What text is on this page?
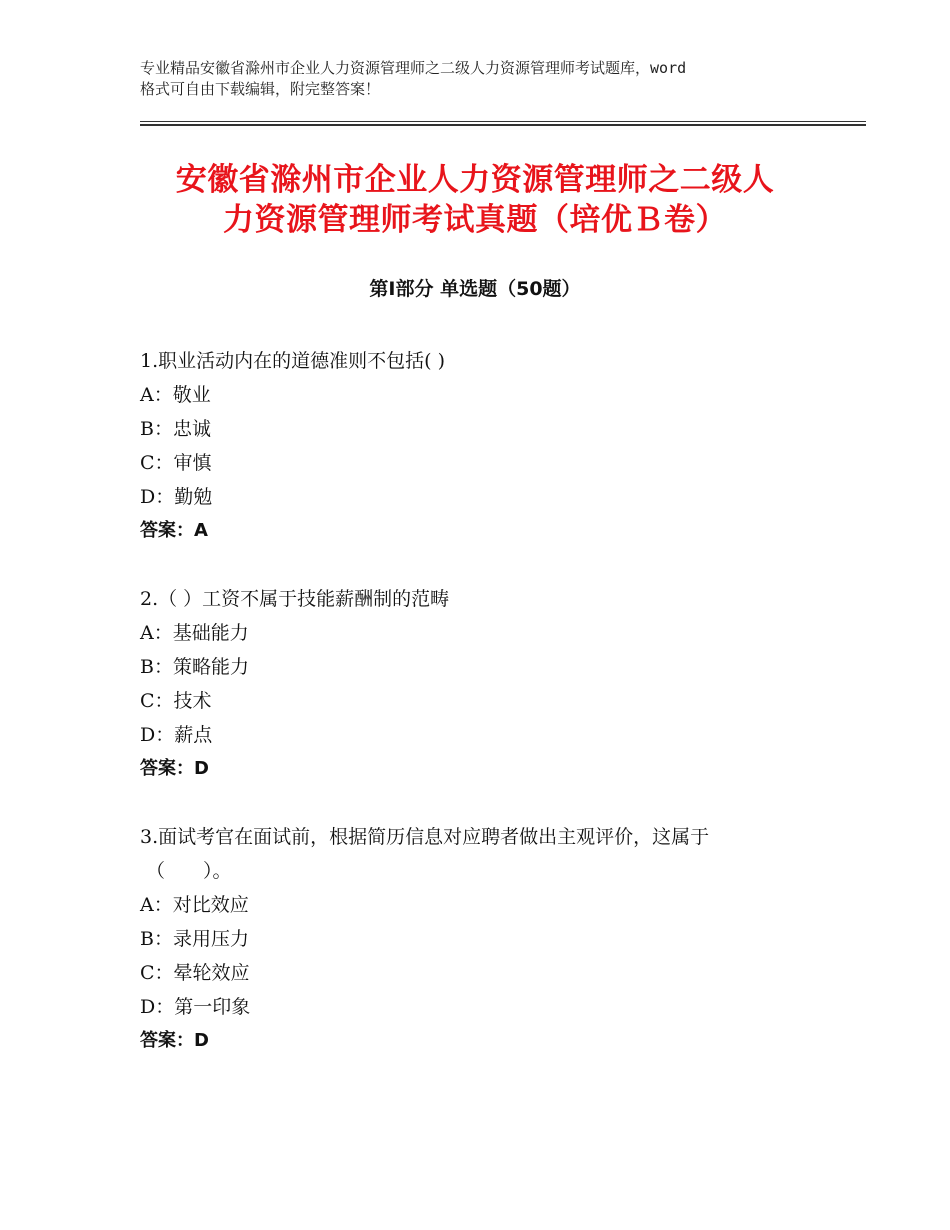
专业精品安徽省滁州市企业人力资源管理师之二级人力资源管理师考试题库，word
格式可自由下载编辑，附完整答案！
安徽省滁州市企业人力资源管理师之二级人
力资源管理师考试真题（培优Ｂ卷）
第Ⅰ部分 单选题（50题）
1.职业活动内在的道德准则不包括( )
A：敬业
B：忠诚
C：审慎
D：勤勉
答案：A
2.（ ）工资不属于技能薪酬制的范畴
A：基础能力
B：策略能力
C：技术
D：薪点
答案：D
3.面试考官在面试前，根据简历信息对应聘者做出主观评价，这属于
（　　）。
A：对比效应
B：录用压力
C：晕轮效应
D：第一印象
答案：D
